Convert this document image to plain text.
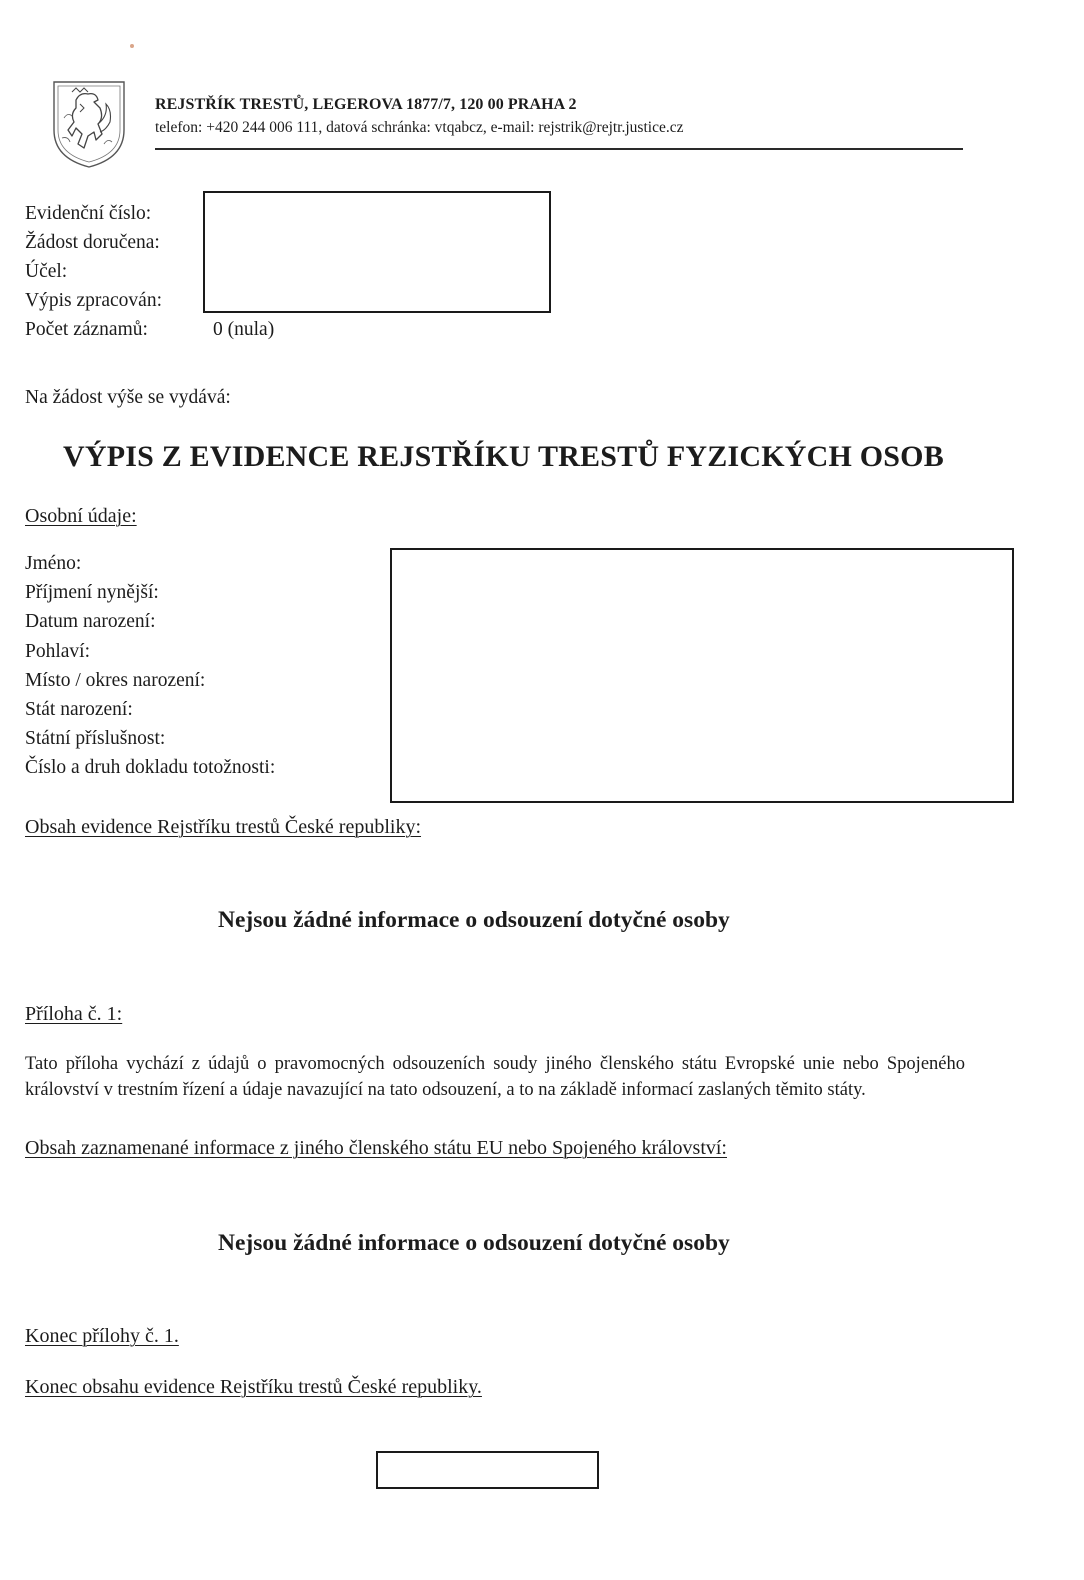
REJSTŘÍK TRESTŮ, LEGEROVA 1877/7, 120 00 PRAHA 2
telefon: +420 244 006 111, datová schránka: vtqabcz, e-mail: rejstrik@rejtr.justice.cz
Evidenční číslo:
Žádost doručena:
Účel:
Výpis zpracován:
Počet záznamů:	0 (nula)
Na žádost výše se vydává:
VÝPIS Z EVIDENCE REJSTŘÍKU TRESTŮ FYZICKÝCH OSOB
Osobní údaje:
Jméno:
Příjmení nynější:
Datum narození:
Pohlaví:
Místo / okres narození:
Stát narození:
Státní příslušnost:
Číslo a druh dokladu totožnosti:
Obsah evidence Rejstříku trestů České republiky:
Nejsou žádné informace o odsouzení dotyčné osoby
Příloha č. 1:
Tato příloha vychází z údajů o pravomocných odsouzeních soudy jiného členského státu Evropské unie nebo Spojeného království v trestním řízení a údaje navazující na tato odsouzení, a to na základě informací zaslaných těmito státy.
Obsah zaznamenané informace z jiného členského státu EU nebo Spojeného království:
Nejsou žádné informace o odsouzení dotyčné osoby
Konec přílohy č. 1.
Konec obsahu evidence Rejstříku trestů České republiky.
